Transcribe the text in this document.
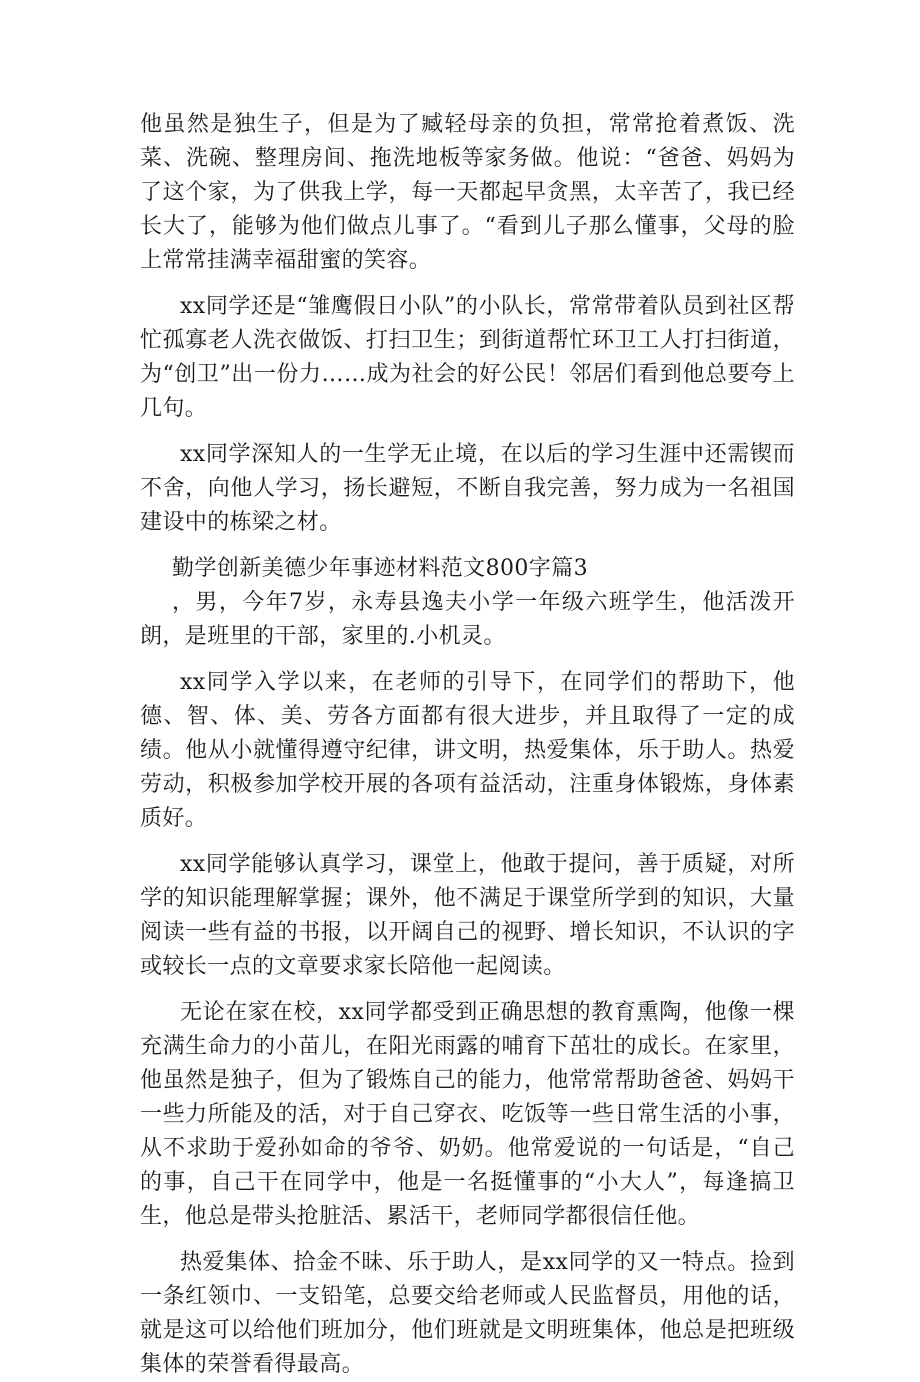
他虽然是独生子，但是为了臧轻母亲的负担，常常抢着煮饭、洗菜、洗碗、整理房间、拖洗地板等家务做。他说：“爸爸、妈妈为了这个家，为了供我上学，每一天都起早贪黑，太辛苦了，我已经长大了，能够为他们做点儿事了。“看到儿子那么懂事，父母的脸上常常挂满幸福甜蜜的笑容。

xx同学还是“雏鹰假日小队”的小队长，常常带着队员到社区帮忙孤寡老人洗衣做饭、打扫卫生；到街道帮忙环卫工人打扫街道，为“创卫”出一份力……成为社会的好公民！邻居们看到他总要夸上几句。

xx同学深知人的一生学无止境，在以后的学习生涯中还需锲而不舍，向他人学习，扬长避短，不断自我完善，努力成为一名祖国建设中的栋梁之材。

勤学创新美德少年事迹材料范文800字篇3

，男，今年7岁，永寿县逸夫小学一年级六班学生，他活泼开朗，是班里的干部，家里的.小机灵。

xx同学入学以来，在老师的引导下，在同学们的帮助下，他德、智、体、美、劳各方面都有很大进步，并且取得了一定的成绩。他从小就懂得遵守纪律，讲文明，热爱集体，乐于助人。热爱劳动，积极参加学校开展的各项有益活动，注重身体锻炼，身体素质好。

xx同学能够认真学习，课堂上，他敢于提问，善于质疑，对所学的知识能理解掌握；课外，他不满足于课堂所学到的知识，大量阅读一些有益的书报，以开阔自己的视野、增长知识，不认识的字或较长一点的文章要求家长陪他一起阅读。

无论在家在校，xx同学都受到正确思想的教育熏陶，他像一棵充满生命力的小苗儿，在阳光雨露的哺育下茁壮的成长。在家里，他虽然是独子，但为了锻炼自己的能力，他常常帮助爸爸、妈妈干一些力所能及的活，对于自己穿衣、吃饭等一些日常生活的小事，从不求助于爱孙如命的爷爷、奶奶。他常爱说的一句话是，“自己的事，自己干在同学中，他是一名挺懂事的“小大人”，每逢搞卫生，他总是带头抢脏活、累活干，老师同学都很信任他。

热爱集体、拾金不昧、乐于助人，是xx同学的又一特点。捡到一条红领巾、一支铅笔，总要交给老师或人民监督员，用他的话，就是这可以给他们班加分，他们班就是文明班集体，他总是把班级集体的荣誉看得最高。
